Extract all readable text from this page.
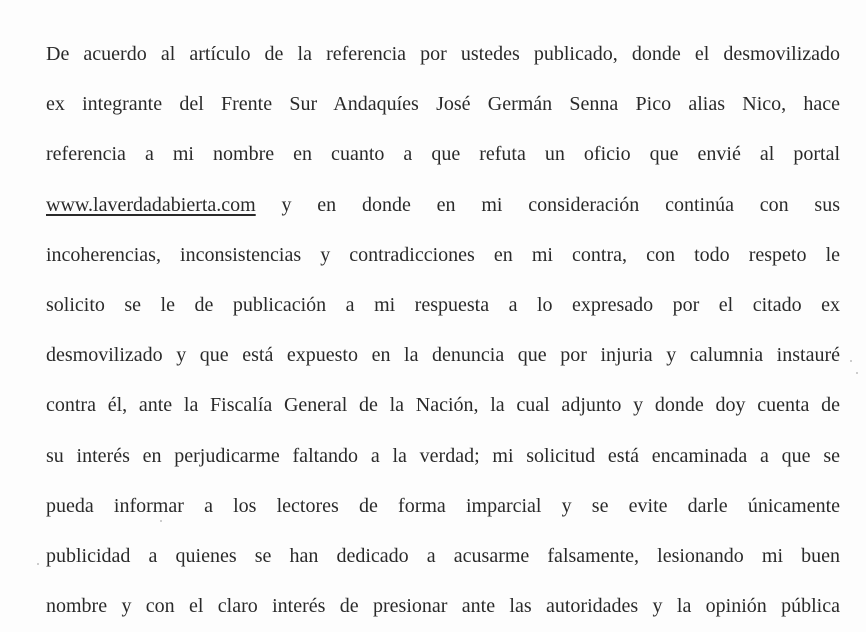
De acuerdo al artículo de la referencia por ustedes publicado, donde el desmovilizado
ex integrante del Frente Sur Andaquíes José Germán Senna Pico alias Nico, hace
referencia a mi nombre en cuanto a que refuta un oficio que envié al portal
www.laverdadabierta.com y en donde en mi consideración continúa con sus
incoherencias, inconsistencias y contradicciones en mi contra, con todo respeto le
solicito se le de publicación a mi respuesta a lo expresado por el citado ex
desmovilizado y que está expuesto en la denuncia que por injuria y calumnia instauré
contra él, ante la Fiscalía General de la Nación, la cual adjunto y donde doy cuenta de
su interés en perjudicarme faltando a la verdad; mi solicitud está encaminada a que se
pueda informar a los lectores de forma imparcial y se evite darle únicamente
publicidad a quienes se han dedicado a acusarme falsamente, lesionando mi buen
nombre y con el claro interés de presionar ante las autoridades y la opinión pública
